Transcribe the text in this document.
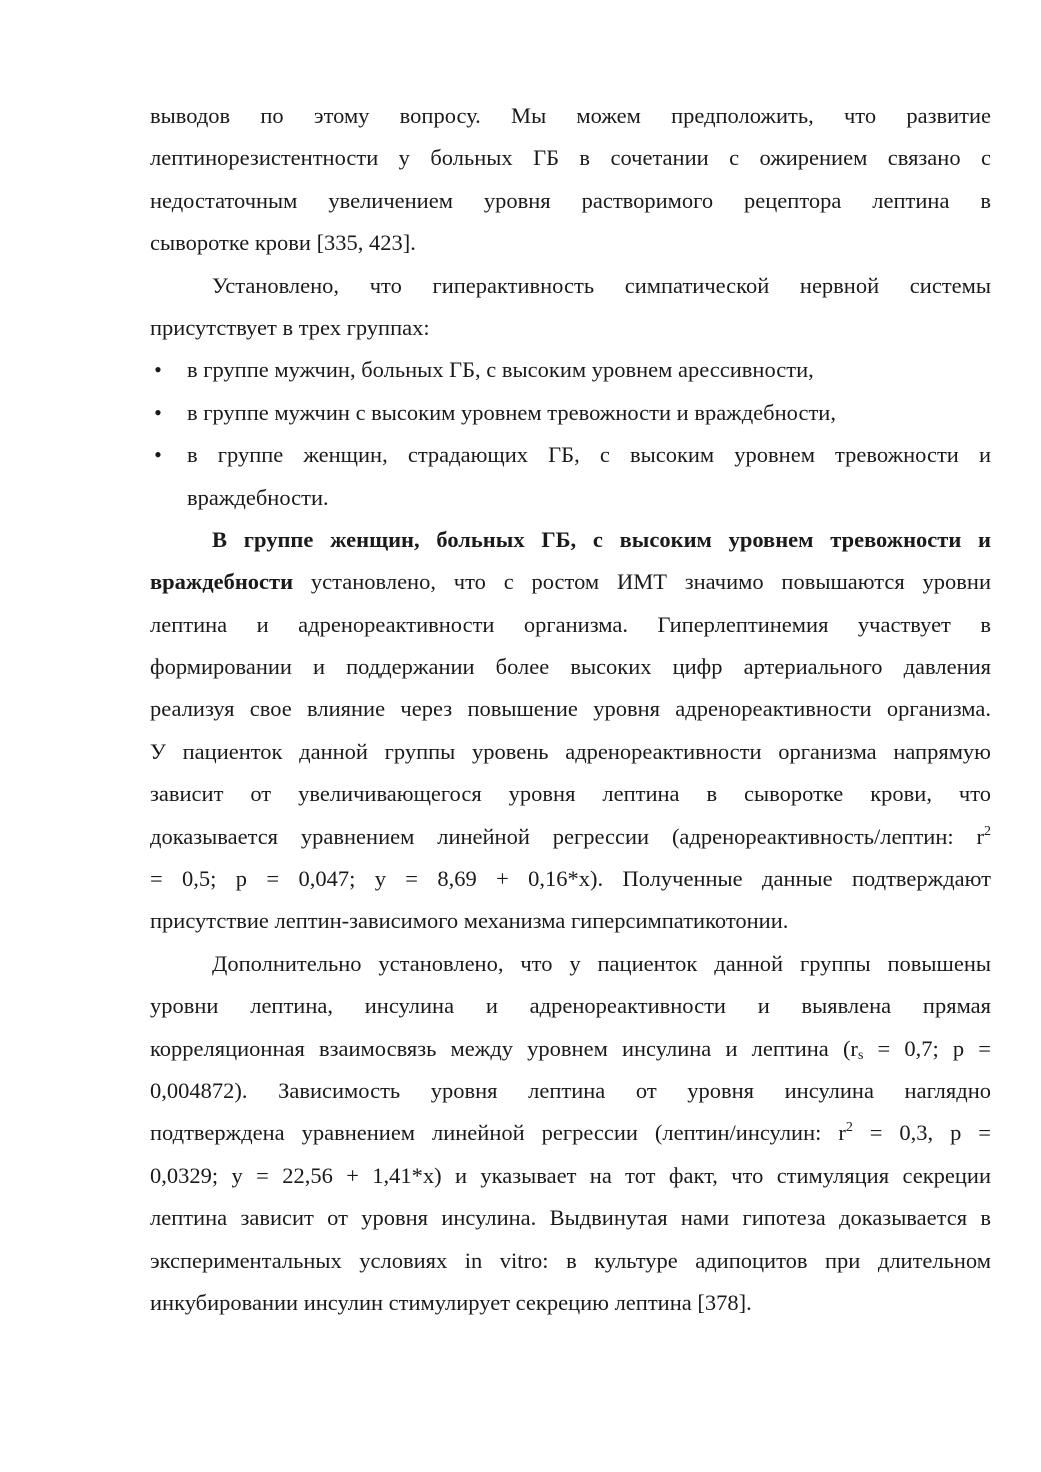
выводов по этому вопросу. Мы можем предположить, что развитие
лептинорезистентности у больных ГБ в сочетании с ожирением связано с
недостаточным увеличением уровня растворимого рецептора лептина в
сыворотке крови [335, 423].
Установлено, что гиперактивность симпатической нервной системы
присутствует в трех группах:
• в группе мужчин, больных ГБ, с высоким уровнем арессивности,
• в группе мужчин с высоким уровнем тревожности и враждебности,
• в группе женщин, страдающих ГБ, с высоким уровнем тревожности и
враждебности.
В группе женщин, больных ГБ, с высоким уровнем тревожности и
враждебности установлено, что с ростом ИМТ значимо повышаются уровни
лептина и адренореактивности организма. Гиперлептинемия участвует в
формировании и поддержании более высоких цифр артериального давления
реализуя свое влияние через повышение уровня адренореактивности организма.
У пациенток данной группы уровень адренореактивности организма напрямую
зависит от увеличивающегося уровня лептина в сыворотке крови, что
доказывается уравнением линейной регрессии (адренореактивность/лептин: $r^2$
= 0,5; р = 0,047; y = 8,69 + 0,16*х). Полученные данные подтверждают
присутствие лептин-зависимого механизма гиперсимпатикотонии.
Дополнительно установлено, что у пациенток данной группы повышены
уровни лептина, инсулина и адренореактивности и выявлена прямая
корреляционная взаимосвязь между уровнем инсулина и лептина ($r_s = 0,7$; р =
0,004872). Зависимость уровня лептина от уровня инсулина наглядно
подтверждена уравнением линейной регрессии (лептин/инсулин: $r^2 = 0,3$, р =
0,0329; y = 22,56 + 1,41*х) и указывает на тот факт, что стимуляция секреции
лептина зависит от уровня инсулина. Выдвинутая нами гипотеза доказывается в
экспериментальных условиях in vitro: в культуре адипоцитов при длительном
инкубировании инсулин стимулирует секрецию лептина [378].
